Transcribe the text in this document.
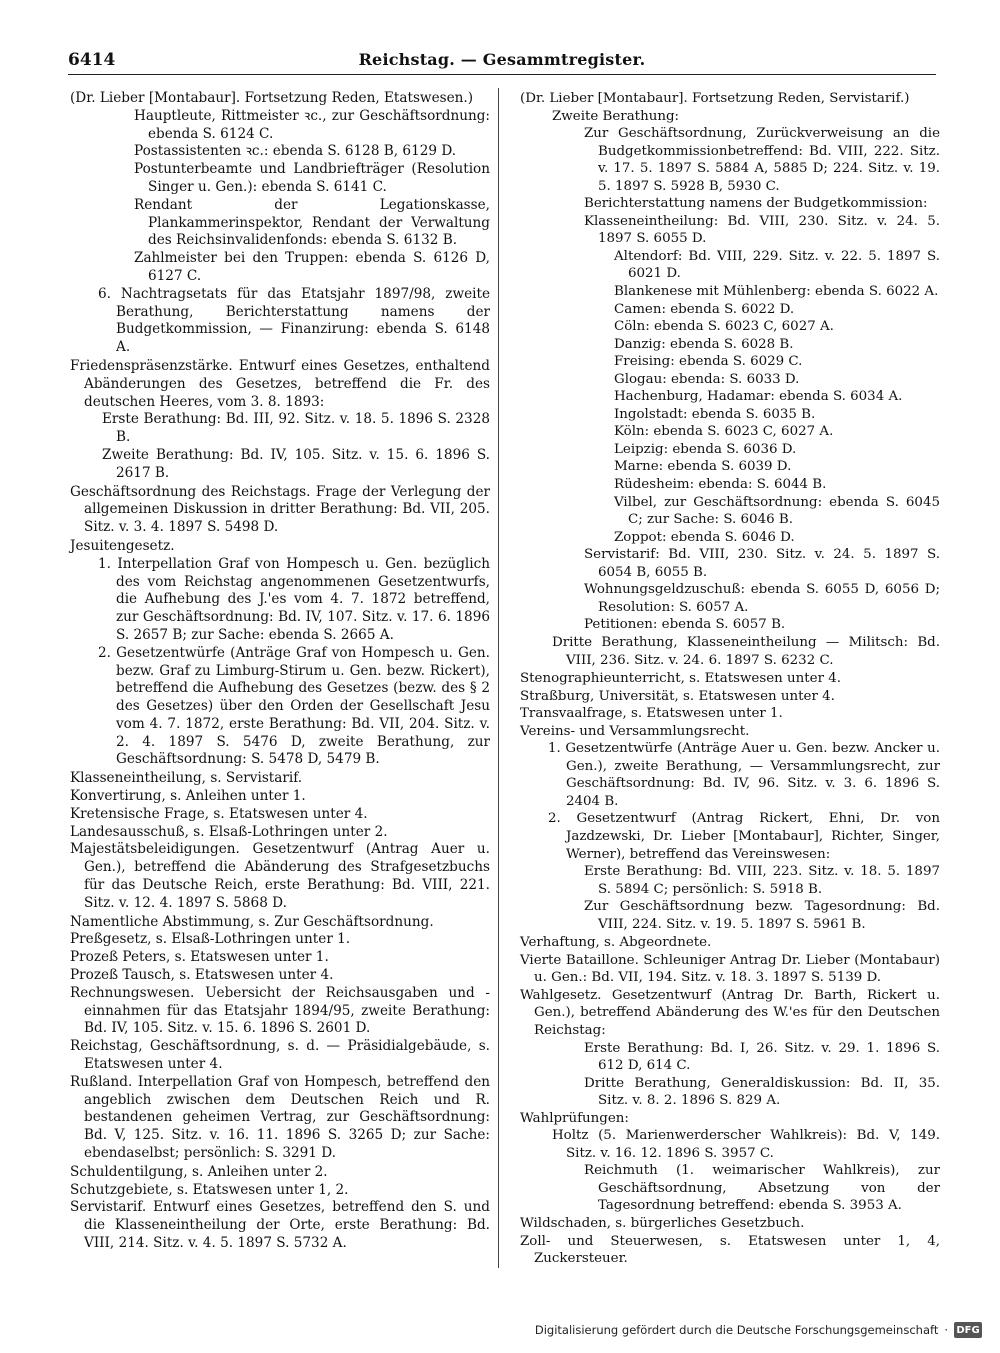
6414	Reichstag. — Gesammtregister.

(Dr. Lieber [Montabaur]. Fortsetzung Reden, Etatswesen.)

Hauptleute, Rittmeister ꝛc., zur Geschäftsordnung: ebenda S. 6124 C.

Postassistenten ꝛc.: ebenda S. 6128 B, 6129 D.

Postunterbeamte und Landbriefträger (Resolution Singer u. Gen.): ebenda S. 6141 C.

Rendant der Legationskasse, Plankammerinspektor, Rendant der Verwaltung des Reichsinvalidenfonds: ebenda S. 6132 B.

Zahlmeister bei den Truppen: ebenda S. 6126 D, 6127 C.

6. Nachtragsetats für das Etatsjahr 1897/98, zweite Berathung, Berichterstattung namens der Budgetkommission, — Finanzirung: ebenda S. 6148 A.

Friedenspräsenzstärke. Entwurf eines Gesetzes, enthaltend Abänderungen des Gesetzes, betreffend die Fr. des deutschen Heeres, vom 3. 8. 1893:

Erste Berathung: Bd. III, 92. Sitz. v. 18. 5. 1896 S. 2328 B.

Zweite Berathung: Bd. IV, 105. Sitz. v. 15. 6. 1896 S. 2617 B.

Geschäftsordnung des Reichstags. Frage der Verlegung der allgemeinen Diskussion in dritter Berathung: Bd. VII, 205. Sitz. v. 3. 4. 1897 S. 5498 D.

Jesuitengesetz.

1. Interpellation Graf von Hompesch u. Gen. bezüglich des vom Reichstag angenommenen Gesetzentwurfs, die Aufhebung des J.'es vom 4. 7. 1872 betreffend, zur Geschäftsordnung: Bd. IV, 107. Sitz. v. 17. 6. 1896 S. 2657 B; zur Sache: ebenda S. 2665 A.

2. Gesetzentwürfe (Anträge Graf von Hompesch u. Gen. bezw. Graf zu Limburg-Stirum u. Gen. bezw. Rickert), betreffend die Aufhebung des Gesetzes (bezw. des § 2 des Gesetzes) über den Orden der Gesellschaft Jesu vom 4. 7. 1872, erste Berathung: Bd. VII, 204. Sitz. v. 2. 4. 1897 S. 5476 D, zweite Berathung, zur Geschäftsordnung: S. 5478 D, 5479 B.

Klasseneintheilung, s. Servistarif.

Konvertirung, s. Anleihen unter 1.

Kretensische Frage, s. Etatswesen unter 4.

Landesausschuß, s. Elsaß-Lothringen unter 2.

Majestätsbeleidigungen. Gesetzentwurf (Antrag Auer u. Gen.), betreffend die Abänderung des Strafgesetzbuchs für das Deutsche Reich, erste Berathung: Bd. VIII, 221. Sitz. v. 12. 4. 1897 S. 5868 D.

Namentliche Abstimmung, s. Zur Geschäftsordnung.

Preßgesetz, s. Elsaß-Lothringen unter 1.

Prozeß Peters, s. Etatswesen unter 1.

Prozeß Tausch, s. Etatswesen unter 4.

Rechnungswesen. Uebersicht der Reichsausgaben und -einnahmen für das Etatsjahr 1894/95, zweite Berathung: Bd. IV, 105. Sitz. v. 15. 6. 1896 S. 2601 D.

Reichstag, Geschäftsordnung, s. d. — Präsidialgebäude, s. Etatswesen unter 4.

Rußland. Interpellation Graf von Hompesch, betreffend den angeblich zwischen dem Deutschen Reich und R. bestandenen geheimen Vertrag, zur Geschäftsordnung: Bd. V, 125. Sitz. v. 16. 11. 1896 S. 3265 D; zur Sache: ebendaselbst; persönlich: S. 3291 D.

Schuldentilgung, s. Anleihen unter 2.

Schutzgebiete, s. Etatswesen unter 1, 2.

Servistarif. Entwurf eines Gesetzes, betreffend den S. und die Klasseneintheilung der Orte, erste Berathung: Bd. VIII, 214. Sitz. v. 4. 5. 1897 S. 5732 A.

(Dr. Lieber [Montabaur]. Fortsetzung Reden, Servistarif.)

Zweite Berathung:

Zur Geschäftsordnung, Zurückverweisung an die Budgetkommissionbetreffend: Bd. VIII, 222. Sitz. v. 17. 5. 1897 S. 5884 A, 5885 D; 224. Sitz. v. 19. 5. 1897 S. 5928 B, 5930 C.

Berichterstattung namens der Budgetkommission:

Klasseneintheilung: Bd. VIII, 230. Sitz. v. 24. 5. 1897 S. 6055 D.

Altendorf: Bd. VIII, 229. Sitz. v. 22. 5. 1897 S. 6021 D.

Blankenese mit Mühlenberg: ebenda S. 6022 A.

Camen: ebenda S. 6022 D.

Cöln: ebenda S. 6023 C, 6027 A.

Danzig: ebenda S. 6028 B.

Freising: ebenda S. 6029 C.

Glogau: ebenda: S. 6033 D.

Hachenburg, Hadamar: ebenda S. 6034 A.

Ingolstadt: ebenda S. 6035 B.

Köln: ebenda S. 6023 C, 6027 A.

Leipzig: ebenda S. 6036 D.

Marne: ebenda S. 6039 D.

Rüdesheim: ebenda: S. 6044 B.

Vilbel, zur Geschäftsordnung: ebenda S. 6045 C; zur Sache: S. 6046 B.

Zoppot: ebenda S. 6046 D.

Servistarif: Bd. VIII, 230. Sitz. v. 24. 5. 1897 S. 6054 B, 6055 B.

Wohnungsgeldzuschuß: ebenda S. 6055 D, 6056 D; Resolution: S. 6057 A.

Petitionen: ebenda S. 6057 B.

Dritte Berathung, Klasseneintheilung — Militsch: Bd. VIII, 236. Sitz. v. 24. 6. 1897 S. 6232 C.

Stenographieunterricht, s. Etatswesen unter 4.

Straßburg, Universität, s. Etatswesen unter 4.

Transvaalfrage, s. Etatswesen unter 1.

Vereins- und Versammlungsrecht.

1. Gesetzentwürfe (Anträge Auer u. Gen. bezw. Ancker u. Gen.), zweite Berathung, — Versammlungsrecht, zur Geschäftsordnung: Bd. IV, 96. Sitz. v. 3. 6. 1896 S. 2404 B.

2. Gesetzentwurf (Antrag Rickert, Ehni, Dr. von Jazdzewski, Dr. Lieber [Montabaur], Richter, Singer, Werner), betreffend das Vereinswesen:

Erste Berathung: Bd. VIII, 223. Sitz. v. 18. 5. 1897 S. 5894 C; persönlich: S. 5918 B.

Zur Geschäftsordnung bezw. Tagesordnung: Bd. VIII, 224. Sitz. v. 19. 5. 1897 S. 5961 B.

Verhaftung, s. Abgeordnete.

Vierte Bataillone. Schleuniger Antrag Dr. Lieber (Montabaur) u. Gen.: Bd. VII, 194. Sitz. v. 18. 3. 1897 S. 5139 D.

Wahlgesetz. Gesetzentwurf (Antrag Dr. Barth, Rickert u. Gen.), betreffend Abänderung des W.'es für den Deutschen Reichstag:

Erste Berathung: Bd. I, 26. Sitz. v. 29. 1. 1896 S. 612 D, 614 C.

Dritte Berathung, Generaldiskussion: Bd. II, 35. Sitz. v. 8. 2. 1896 S. 829 A.

Wahlprüfungen:

Holtz (5. Marienwerderscher Wahlkreis): Bd. V, 149. Sitz. v. 16. 12. 1896 S. 3957 C.

Reichmuth (1. weimarischer Wahlkreis), zur Geschäftsordnung, Absetzung von der Tagesordnung betreffend: ebenda S. 3953 A.

Wildschaden, s. bürgerliches Gesetzbuch.

Zoll- und Steuerwesen, s. Etatswesen unter 1, 4, Zuckersteuer.

Digitalisierung gefördert durch die Deutsche Forschungsgemeinschaft · DFG
